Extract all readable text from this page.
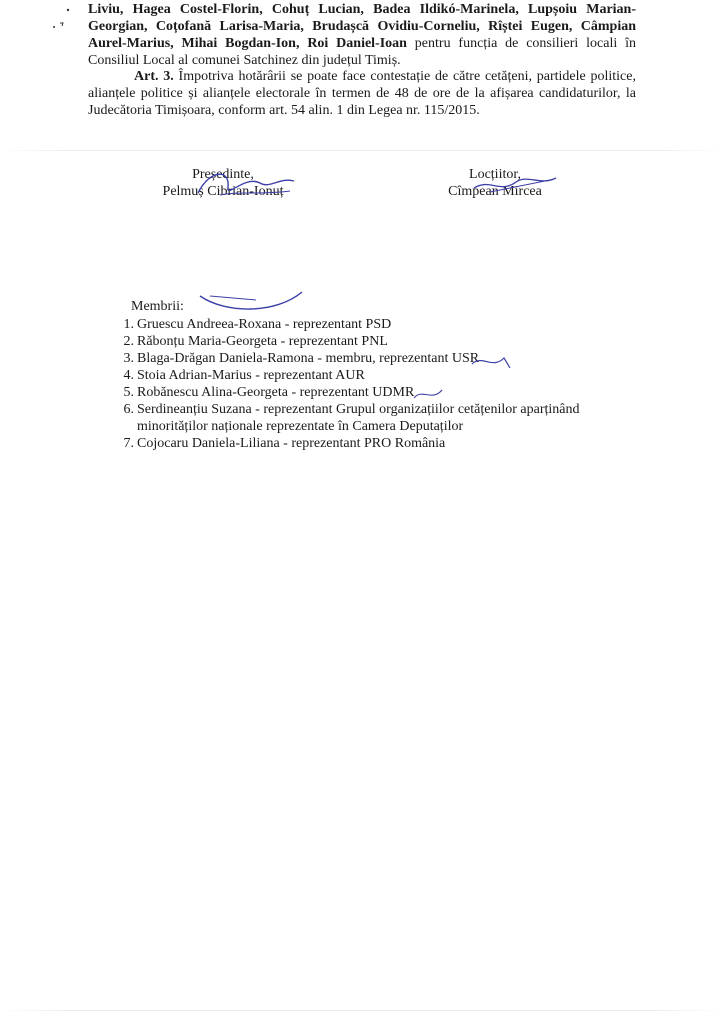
Liviu, Hagea Costel-Florin, Cohuț Lucian, Badea Ildikó-Marinela, Lupșoiu Marian-Georgian, Coțofană Larisa-Maria, Brudașcă Ovidiu-Corneliu, Rîștei Eugen, Câmpian Aurel-Marius, Mihai Bogdan-Ion, Roi Daniel-Ioan pentru funcția de consilieri locali în Consiliul Local al comunei Satchinez din județul Timiș.

Art. 3. Împotriva hotărârii se poate face contestație de către cetățeni, partidele politice, alianțele politice și alianțele electorale în termen de 48 de ore de la afișarea candidaturilor, la Judecătoria Timișoara, conform art. 54 alin. 1 din Legea nr. 115/2015.

Președinte,
Pelmuș Cibrian-Ionuț
Locțiitor,
Cîmpean Mircea
Membrii:
1. Gruescu Andreea-Roxana - reprezentant PSD
2. Răbonțu Maria-Georgeta - reprezentant PNL
3. Blaga-Drăgan Daniela-Ramona - membru, reprezentant USR
4. Stoia Adrian-Marius - reprezentant AUR
5. Robănescu Alina-Georgeta - reprezentant UDMR
6. Serdineanțiu Suzana - reprezentant Grupul organizațiilor cetățenilor aparținând minorităților naționale reprezentate în Camera Deputaților
7. Cojocaru Daniela-Liliana - reprezentant PRO România
